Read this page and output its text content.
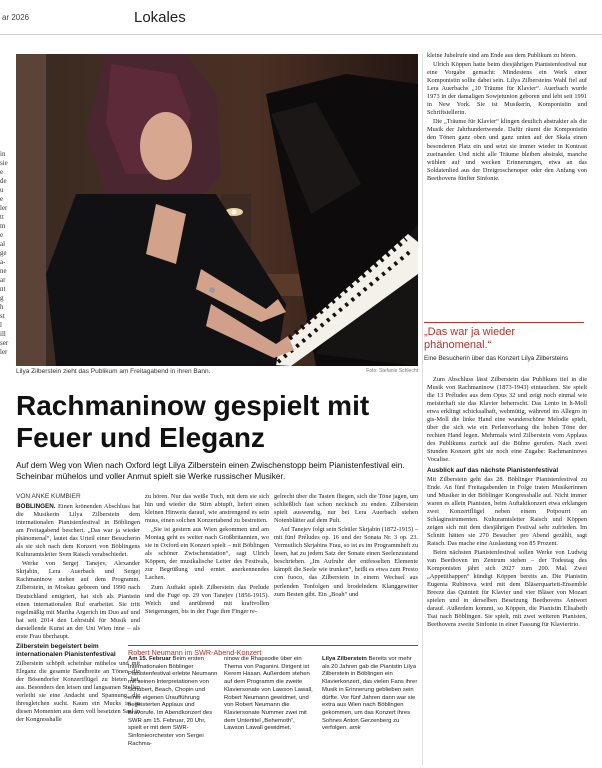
ar 2026	Lokales
in
sie
e
de
u
e
ler
tt
m
e
al
ge
a-
ne
ar
nt
g
h
st
l
ill
ser
ler
Lilya Zilberstein zieht das Publikum am Freitagabend in ihren Bann.	Foto: Stefanie Schlecht
Rachmaninow gespielt mit
Feuer und Eleganz

Auf dem Weg von Wien nach Oxford legt Lilya Zilberstein einen Zwischenstopp beim Pianistenfestival ein. Scheinbar mühelos und voller Anmut spielt sie Werke russischer Musiker.

VON ANKE KUMBIER

BÖBLINGEN. Einen krönenden Abschluss hat die Musikerin Lilya Zilberstein dem internationalen Pianistenfestival in Böblingen am Freitagabend beschert. „Das war ja wieder phänomenal“, lautet das Urteil einer Besucherin als sie sich nach dem Konzert von Böblingens Kulturamtsleiter Sven Raisch verabschiedet.

Werke von Sergej Tanejev, Alexander Skrjabin, Lera Auerbach und Sergej Rachmaninow stehen auf dem Programm. Zilberstein, in Moskau geboren und 1990 nach Deutschland emigriert, hat sich als Pianistin einen internationalen Ruf erarbeitet. Sie tritt regelmäßig mit Martha Argerich im Duo auf und hat seit 2014 den Lehrstuhl für Musik und darstellende Kunst an der Uni Wien inne – als erste Frau überhaupt.

Zilberstein begeistert beim internationalen Pianistenfestival

Zilberstein schöpft scheinbar mühelos und mit Eleganz die gesamte Bandbreite an Tönen, die der Bösendorfer Konzertflügel zu bieten hat, aus. Besonders den leisen und langsamen Stellen verleiht sie eine Andacht und Spannung, die ihresgleichen sucht. Kaum ein Mucks ist in diesen Momenten aus dem voll besetzten Saal in der Kongresshalle

zu hören. Nur das weiße Tuch, mit dem sie sich hin und wieder die Stirn abtupft, liefert einen kleinen Hinweis darauf, wie anstrengend es sein muss, einen solchen Konzertabend zu bestreiten.

„Sie ist gestern aus Wien gekommen und am Montag geht es weiter nach Großbritannien, wo sie in Oxford ein Konzert spielt – mit Böblingen als schöner Zwischenstation“, sagt Ulrich Köppen, der musikalische Leiter des Festivals, zur Begrüßung und erntet anerkennendes Lachen.

Zum Auftakt spielt Zilberstein das Prelude und die Fuge op. 29 von Tanejev (1856-1915). Weich und anrührend mit kraftvollen Steigerungen, bis in der Fuge ihre Finger re-

gelrecht über die Tasten fliegen, sich die Töne jagen, um schließlich fast schon neckisch zu enden. Zilberstein spielt auswendig, nur bei Lera Auerbach stehen Notenblätter auf dem Pult.

Auf Tanejev folgt sein Schüler Skrjabin (1872-1915) – mit fünf Préludes op. 16 und der Sonata Nr. 3 op. 23. Vermutlich Skrjabins Frau, so ist es im Programmheft zu lesen, hat zu jedem Satz der Sonate einen Seelenzustand beschrieben. „Im Aufruhr der entfesselten Elemente kämpft die Seele wie trunken“, heißt es etwa zum Presto con fuoco, das Zilberstein in einem Wechsel aus perlenden Tonfolgen und brodelndem Klanggewitter zum Besten gibt. Ein „Boah“ und

Robert Neumann im SWR-Abend-Konzert
Am 15. Februar Beim ersten Internationalen Böblinger Pianistenfestival erlebte Neumann mit seinen Interpretationen von Schubert, Beach, Chopin und einer eigenen Uraufführung begeisterten Applaus und Bravorufe. Im Abendkonzert des SWR am 15. Februar, 20 Uhr, spielt er mit dem SWR-Sinfonieorchester von Sergei Rachma-
ninow die Rhapsodie über ein Thema von Paganini. Dirigent ist Kerem Hasan. Außerdem stehen auf dem Programm die zweite Klaviersonate von Lawson Lawall, Robert Neumann gewidmet, und von Robert Neumann die Klaviersonate Nummer zwei mit dem Untertitel „Behemoth“, Lawson Lawall gewidmet.
Lilya Zilberstein Bereits vor mehr als 20 Jahren gab die Pianistin Lilya Zilberstein in Böblingen ein Klavierkonzert, das vielen Fans ihrer Musik in Erinnerung geblieben sein dürfte. Vor fünf Jahren dann war sie extra aus Wien nach Böblingen gekommen, um das Konzert ihres Sohnes Anton Gerzenberg zu verfolgen. amk

kleine Jubelrufe sind am Ende aus dem Publikum zu hören.

Ulrich Köppen hatte beim diesjährigen Pianistenfestival nur eine Vorgabe gemacht: Mindestens ein Werk einer Komponistin sollte dabei sein. Lilya Zilbersteins Wahl fiel auf Lera Auerbachs „10 Träume für Klavier“. Auerbach wurde 1973 in der damaligen Sowjetunion geboren und lebt seit 1991 in New York. Sie ist Musikerin, Komponistin und Schriftstellerin.

Die „Träume für Klavier“ klingen deutlich abstrakter als die Musik der Jahrhundertwende. Dafür räumt die Komponistin den Tönen ganz oben und ganz unten auf der Skala einen besonderen Platz ein und setzt sie immer wieder in Kontrast zueinander. Und nicht alle Träume bleiben abstrakt, manche wühlen auf und wecken Erinnerungen, etwa an das Soldatenlied aus der Dreigroschenoper oder den Anfang von Beethovens fünfter Sinfonie.

„Das war ja wieder phänomenal.“

Eine Besucherin über das Konzert Lilya Zilbersteins

Zum Abschluss lässt Zilberstein das Publikum tief in die Musik von Rachmaninow (1873-1943) eintauchen. Sie spielt die 13 Préludes aus dem Opus 32 und zeigt noch einmal wie meisterhaft sie das Klavier beherrscht. Das Lento in h-Moll etwa erklingt schicksalhaft, wehmütig, während im Allegro in gis-Moll die linke Hand eine wunderschöne Melodie spielt, über die sich wie ein Perlenvorhang die hohen Töne der rechten Hand legen. Mehrmals wird Zilberstein vom Applaus des Publikums zurück auf die Bühne gerufen. Nach zwei Stunden Konzert gibt sie noch eine Zugabe: Rachmaninows Vocalise.

Ausblick auf das nächste Pianistenfestival

Mit Zilberstein geht das 28. Böblinger Pianistenfestival zu Ende. An fünf Freitagabenden in Folge traten Musikerinnen und Musiker in der Böblinger Kongresshalle auf. Nicht immer waren es allein Pianisten, beim Auftaktkonzert etwa erklangen zwei Konzertflügel neben einem Potpourri an Schlaginstrumenten. Kulturamtsleiter Raisch und Köppen zeigen sich mit dem diesjährigen Festival sehr zufrieden. Im Schnitt hätten sie 270 Besucher pro Abend gezählt, sagt Raisch. Das mache eine Auslastung von 85 Prozent.

Beim nächsten Pianistenfestival sollen Werke von Ludwig van Beethoven im Zentrum stehen – der Todestag des Komponisten jährt sich 2027 zum 200. Mal. Zwei „Appetithappen“ kündigt Köppen bereits an. Die Pianistin Eugenia Rubinova wird mit dem Bläserquartett-Ensemble Breeze das Quintett für Klavier und vier Bläser von Mozart spielen und in derselben Besetzung Beethovens Antwort darauf. Außerdem kommt, so Köppen, die Pianistin Elisabeth Tsai nach Böblingen. Sie spielt, mit zwei weiteren Pianisten, Beethovens zweite Sinfonie in einer Fassung für Klaviertrio.
